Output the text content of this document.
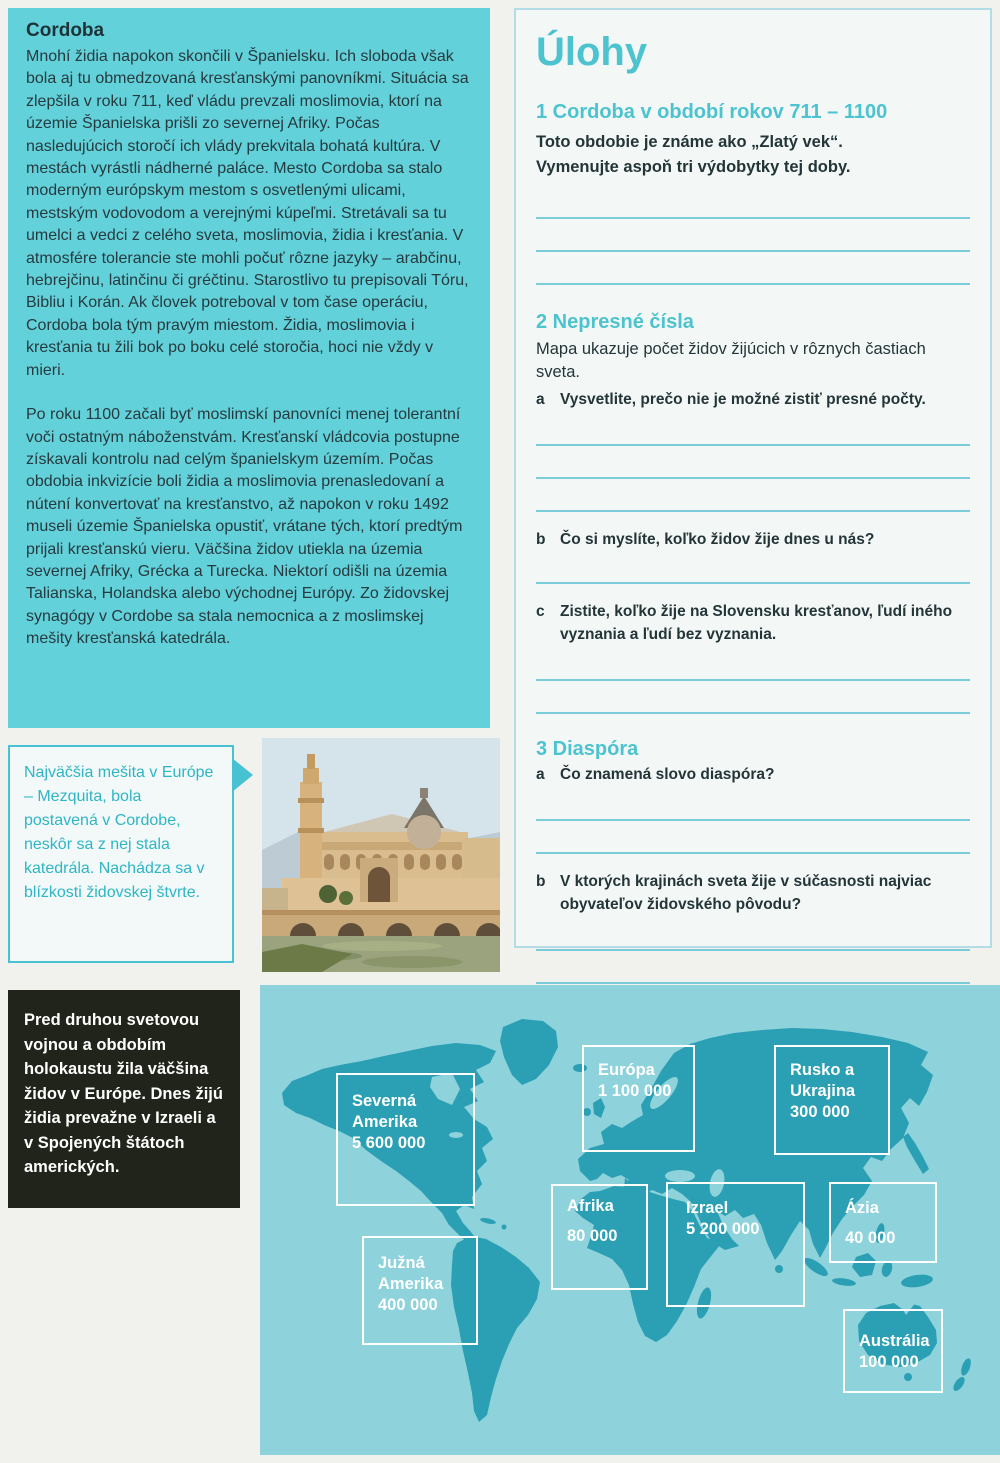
Cordoba

Mnohí židia napokon skončili v Španielsku. Ich sloboda však bola aj tu obmedzovaná kresťanskými panovníkmi. Situácia sa zlepšila v roku 711, keď vládu prevzali moslimovia, ktorí na územie Španielska prišli zo severnej Afriky. Počas nasledujúcich storočí ich vlády prekvitala bohatá kultúra. V mestách vyrástli nádherné paláce. Mesto Cordoba sa stalo moderným európskym mestom s osvetlenými ulicami, mestským vodovodom a verejnými kúpeľmi. Stretávali sa tu umelci a vedci z celého sveta, moslimovia, židia i kresťania. V atmosfére tolerancie ste mohli počuť rôzne jazyky – arabčinu, hebrejčinu, latinčinu či gréčtinu. Starostlivo tu prepisovali Tóru, Bibliu i Korán. Ak človek potreboval v tom čase operáciu, Cordoba bola tým pravým miestom. Židia, moslimovia i kresťania tu žili bok po boku celé storočia, hoci nie vždy v mieri.

Po roku 1100 začali byť moslimskí panovníci menej tolerantní voči ostatným náboženstvám. Kresťanskí vládcovia postupne získavali kontrolu nad celým španielskym územím. Počas obdobia inkvizície boli židia a moslimovia prenasledovaní a nútení konvertovať na kresťanstvo, až napokon v roku 1492 museli územie Španielska opustiť, vrátane tých, ktorí predtým prijali kresťanskú vieru. Väčšina židov utiekla na územia severnej Afriky, Grécka a Turecka. Niektorí odišli na územia Talianska, Holandska alebo východnej Európy. Zo židovskej synagógy v Cordobe sa stala nemocnica a z moslimskej mešity kresťanská katedrála.

Úlohy
1 Cordoba v období rokov 711 – 1100
Toto obdobie je známe ako „Zlatý vek“.
Vymenujte aspoň tri výdobytky tej doby.
2 Nepresné čísla
Mapa ukazuje počet židov žijúcich v rôznych častiach sveta.
a Vysvetlite, prečo nie je možné zistiť presné počty.
b Čo si myslíte, koľko židov žije dnes u nás?
c Zistite, koľko žije na Slovensku kresťanov, ľudí iného vyznania a ľudí bez vyznania.
3 Diaspóra
a Čo znamená slovo diaspóra?
b V ktorých krajinách sveta žije v súčasnosti najviac obyvateľov židovského pôvodu?
Najväčšia mešita v Európe – Mezquita, bola postavená v Cordobe, neskôr sa z nej stala katedrála. Nachádza sa v blízkosti židovskej štvrte.
Pred druhou svetovou vojnou a obdobím holokaustu žila väčšina židov v Európe. Dnes žijú židia prevažne v Izraeli a v Spojených štátoch amerických.
Severná Amerika
5 600 000
Európa
1 100 000
Rusko a Ukrajina
300 000
Afrika
80 000
Izrael
5 200 000
Ázia
40 000
Južná Amerika
400 000
Austrália
100 000
